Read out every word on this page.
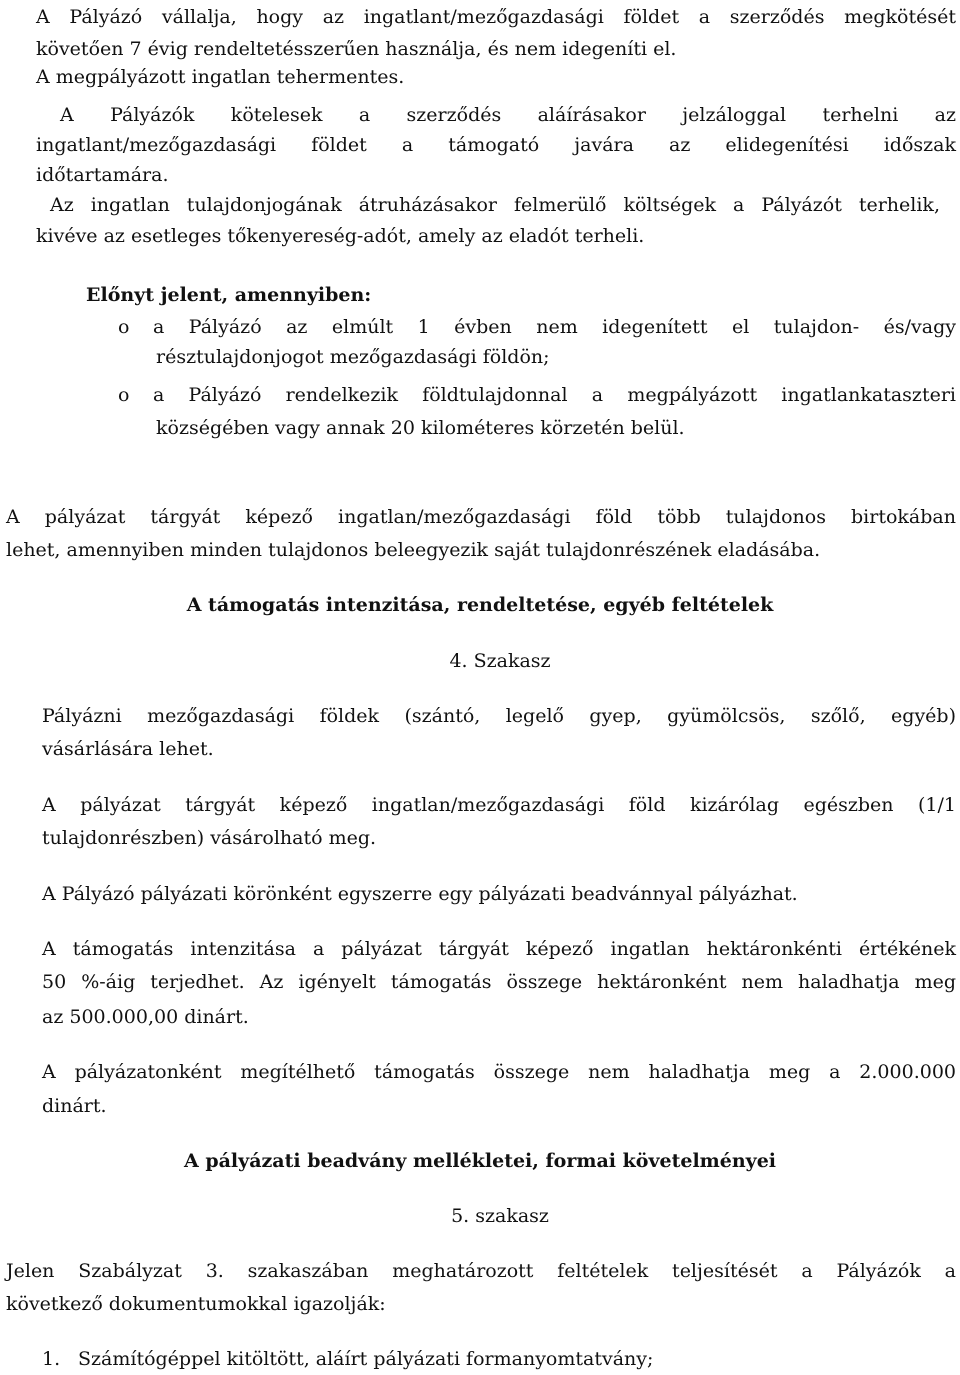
A Pályázó vállalja, hogy az ingatlant/mezőgazdasági földet a szerződés megkötését
követően 7 évig rendeltetésszerűen használja, és nem idegeníti el.
A megpályázott ingatlan tehermentes.
A Pályázók kötelesek a szerződés aláírásakor jelzáloggal terhelni az
ingatlant/mezőgazdasági földet a támogató javára az elidegenítési időszak
időtartamára.
Az ingatlan tulajdonjogának átruházásakor felmerülő költségek a Pályázót terhelik,
kivéve az esetleges tőkenyereség-adót, amely az eladót terheli.
Előnyt jelent, amennyiben:
o a Pályázó az elmúlt 1 évben nem idegenített el tulajdon- és/vagy
résztulajdonjogot mezőgazdasági földön;
o a Pályázó rendelkezik földtulajdonnal a megpályázott ingatlankataszteri
községében vagy annak 20 kilométeres körzetén belül.
A pályázat tárgyát képező ingatlan/mezőgazdasági föld több tulajdonos birtokában
lehet, amennyiben minden tulajdonos beleegyezik saját tulajdonrészének eladásába.
A támogatás intenzitása, rendeltetése, egyéb feltételek
4. Szakasz
Pályázni mezőgazdasági földek (szántó, legelő gyep, gyümölcsös, szőlő, egyéb)
vásárlására lehet.
A pályázat tárgyát képező ingatlan/mezőgazdasági föld kizárólag egészben (1/1
tulajdonrészben) vásárolható meg.
A Pályázó pályázati körönként egyszerre egy pályázati beadvánnyal pályázhat.
A támogatás intenzitása a pályázat tárgyát képező ingatlan hektáronkénti értékének
50 %-áig terjedhet. Az igényelt támogatás összege hektáronként nem haladhatja meg
az 500.000,00 dinárt.
A pályázatonként megítélhető támogatás összege nem haladhatja meg a 2.000.000
dinárt.
A pályázati beadvány mellékletei, formai követelményei
5. szakasz
Jelen Szabályzat 3. szakaszában meghatározott feltételek teljesítését a Pályázók a
következő dokumentumokkal igazolják:
1. Számítógéppel kitöltött, aláírt pályázati formanyomtatvány;
